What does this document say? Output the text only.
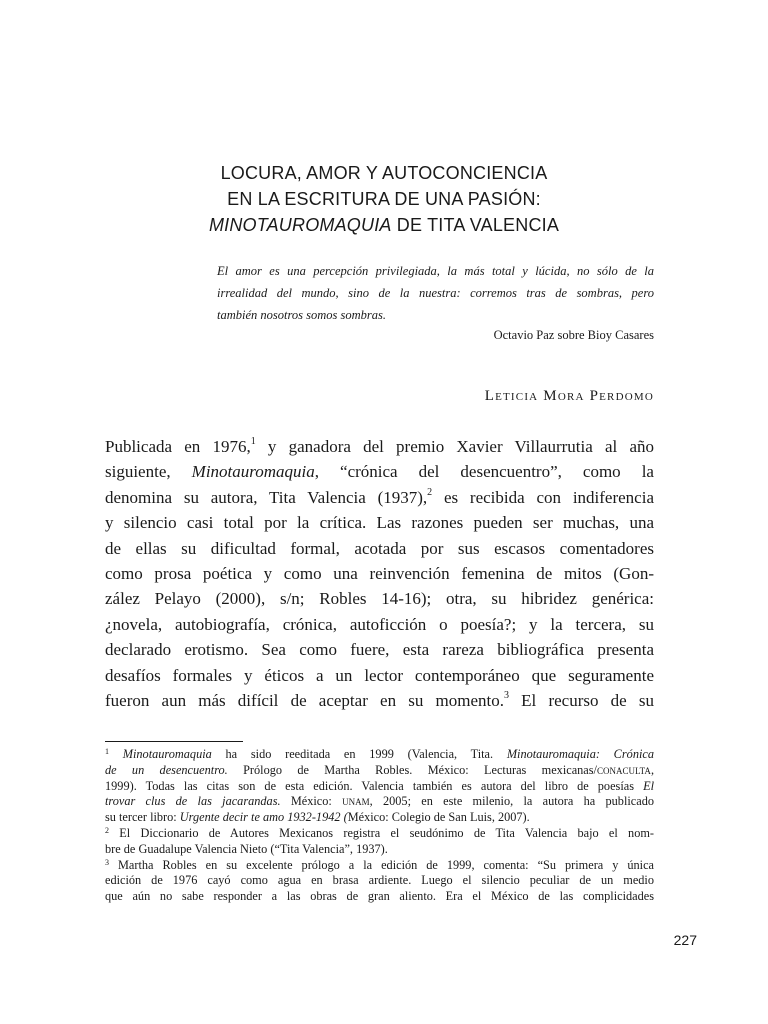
LOCURA, AMOR Y AUTOCONCIENCIA
EN LA ESCRITURA DE UNA PASIÓN:
MINOTAUROMAQUIA DE TITA VALENCIA
El amor es una percepción privilegiada, la más total y lúcida, no sólo de la
irrealidad del mundo, sino de la nuestra: corremos tras de sombras, pero
también nosotros somos sombras.
Octavio Paz sobre Bioy Casares
Leticia Mora Perdomo
Publicada en 1976,$^1$ y ganadora del premio Xavier Villaurrutia al año
siguiente, Minotauromaquia, “crónica del desencuentro”, como la
denomina su autora, Tita Valencia (1937),$^2$ es recibida con indiferencia
y silencio casi total por la crítica. Las razones pueden ser muchas, una
de ellas su dificultad formal, acotada por sus escasos comentadores
como prosa poética y como una reinvención femenina de mitos (Gon-
zález Pelayo (2000), s/n; Robles 14-16); otra, su hibridez genérica:
¿novela, autobiografía, crónica, autoficción o poesía?; y la tercera, su
declarado erotismo. Sea como fuere, esta rareza bibliográfica presenta
desafíos formales y éticos a un lector contemporáneo que seguramente
fueron aun más difícil de aceptar en su momento.$^3$ El recurso de su
$^1$ Minotauromaquia ha sido reeditada en 1999 (Valencia, Tita. Minotauromaquia: Crónica
de un desencuentro. Prólogo de Martha Robles. México: Lecturas mexicanas/conaculta,
1999). Todas las citas son de esta edición. Valencia también es autora del libro de poesías El
trovar clus de las jacarandas. México: unam, 2005; en este milenio, la autora ha publicado
su tercer libro: Urgente decir te amo 1932-1942 (México: Colegio de San Luis, 2007).
$^2$ El Diccionario de Autores Mexicanos registra el seudónimo de Tita Valencia bajo el nom-
bre de Guadalupe Valencia Nieto (“Tita Valencia”, 1937).
$^3$ Martha Robles en su excelente prólogo a la edición de 1999, comenta: “Su primera y única
edición de 1976 cayó como agua en brasa ardiente. Luego el silencio peculiar de un medio
que aún no sabe responder a las obras de gran aliento. Era el México de las complicidades
227
